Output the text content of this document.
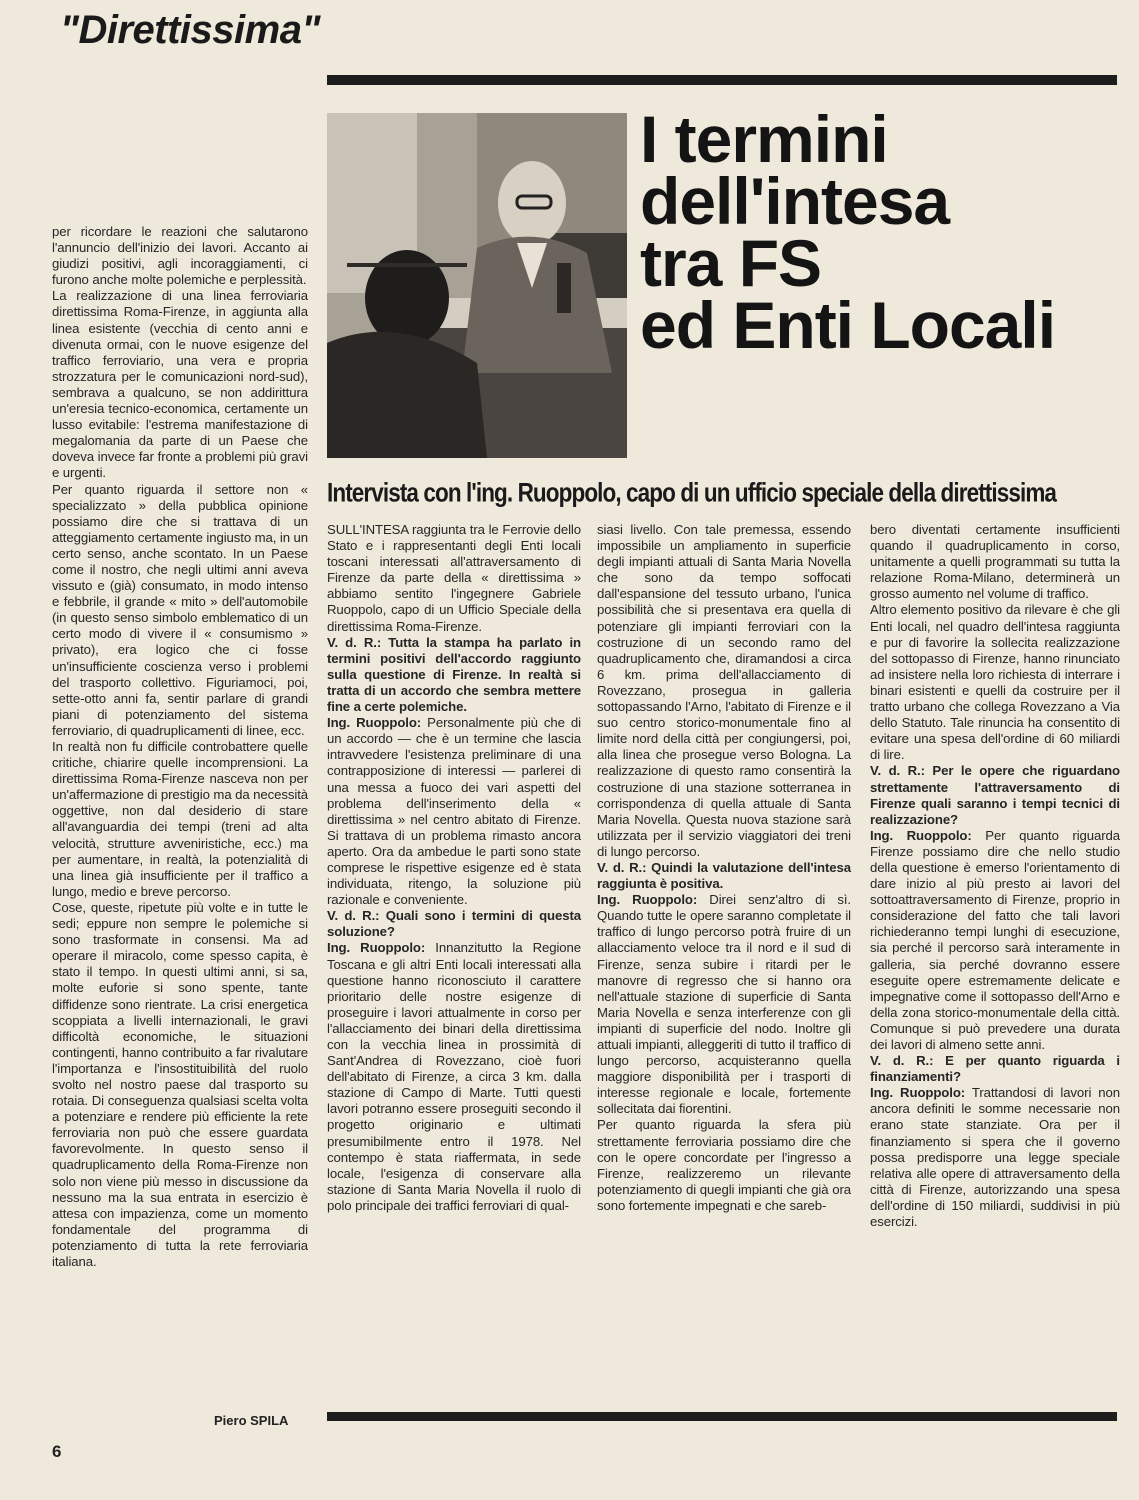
"Direttissima"
I termini
dell'intesa
tra FS
ed Enti Locali
Intervista con l'ing. Ruoppolo, capo di un ufficio speciale della direttissima

per ricordare le reazioni che salutarono l'annuncio dell'inizio dei lavori. Accanto ai giudizi positivi, agli incoraggiamenti, ci furono anche molte polemiche e perplessità.
La realizzazione di una linea ferroviaria direttissima Roma-Firenze, in aggiunta alla linea esistente (vecchia di cento anni e divenuta ormai, con le nuove esigenze del traffico ferroviario, una vera e propria strozzatura per le comunicazioni nord-sud), sembrava a qualcuno, se non addirittura un'eresia tecnico-economica, certamente un lusso evitabile: l'estrema manifestazione di megalomania da parte di un Paese che doveva invece far fronte a problemi più gravi e urgenti.
Per quanto riguarda il settore non « specializzato » della pubblica opinione possiamo dire che si trattava di un atteggiamento certamente ingiusto ma, in un certo senso, anche scontato. In un Paese come il nostro, che negli ultimi anni aveva vissuto e (già) consumato, in modo intenso e febbrile, il grande « mito » dell'automobile (in questo senso simbolo emblematico di un certo modo di vivere il « consumismo » privato), era logico che ci fosse un'insufficiente coscienza verso i problemi del trasporto collettivo. Figuriamoci, poi, sette-otto anni fa, sentir parlare di grandi piani di potenziamento del sistema ferroviario, di quadruplicamenti di linee, ecc.
In realtà non fu difficile controbattere quelle critiche, chiarire quelle incomprensioni. La direttissima Roma-Firenze nasceva non per un'affermazione di prestigio ma da necessità oggettive, non dal desiderio di stare all'avanguardia dei tempi (treni ad alta velocità, strutture avveniristiche, ecc.) ma per aumentare, in realtà, la potenzialità di una linea già insufficiente per il traffico a lungo, medio e breve percorso.
Cose, queste, ripetute più volte e in tutte le sedi; eppure non sempre le polemiche si sono trasformate in consensi. Ma ad operare il miracolo, come spesso capita, è stato il tempo. In questi ultimi anni, si sa, molte euforie si sono spente, tante diffidenze sono rientrate. La crisi energetica scoppiata a livelli internazionali, le gravi difficoltà economiche, le situazioni contingenti, hanno contribuito a far rivalutare l'importanza e l'insostituibilità del ruolo svolto nel nostro paese dal trasporto su rotaia. Di conseguenza qualsiasi scelta volta a potenziare e rendere più efficiente la rete ferroviaria non può che essere guardata favorevolmente. In questo senso il quadruplicamento della Roma-Firenze non solo non viene più messo in discussione da nessuno ma la sua entrata in esercizio è attesa con impazienza, come un momento fondamentale del programma di potenziamento di tutta la rete ferroviaria italiana.

SULL'INTESA raggiunta tra le Ferrovie dello Stato e i rappresentanti degli Enti locali toscani interessati all'attraversamento di Firenze da parte della « direttissima » abbiamo sentito l'ingegnere Gabriele Ruoppolo, capo di un Ufficio Speciale della direttissima Roma-Firenze.

V. d. R.: Tutta la stampa ha parlato in termini positivi dell'accordo raggiunto sulla questione di Firenze. In realtà si tratta di un accordo che sembra mettere fine a certe polemiche.

Ing. Ruoppolo: Personalmente più che di un accordo — che è un termine che lascia intravvedere l'esistenza preliminare di una contrapposizione di interessi — parlerei di una messa a fuoco dei vari aspetti del problema dell'inserimento della « direttissima » nel centro abitato di Firenze. Si trattava di un problema rimasto ancora aperto. Ora da ambedue le parti sono state comprese le rispettive esigenze ed è stata individuata, ritengo, la soluzione più razionale e conveniente.

V. d. R.: Quali sono i termini di questa soluzione?

Ing. Ruoppolo: Innanzitutto la Regione Toscana e gli altri Enti locali interessati alla questione hanno riconosciuto il carattere prioritario delle nostre esigenze di proseguire i lavori attualmente in corso per l'allacciamento dei binari della direttissima con la vecchia linea in prossimità di Sant'Andrea di Rovezzano, cioè fuori dell'abitato di Firenze, a circa 3 km. dalla stazione di Campo di Marte. Tutti questi lavori potranno essere proseguiti secondo il progetto originario e ultimati presumibilmente entro il 1978. Nel contempo è stata riaffermata, in sede locale, l'esigenza di conservare alla stazione di Santa Maria Novella il ruolo di polo principale dei traffici ferroviari di qual-

siasi livello. Con tale premessa, essendo impossibile un ampliamento in superficie degli impianti attuali di Santa Maria Novella che sono da tempo soffocati dall'espansione del tessuto urbano, l'unica possibilità che si presentava era quella di potenziare gli impianti ferroviari con la costruzione di un secondo ramo del quadruplicamento che, diramandosi a circa 6 km. prima dell'allacciamento di Rovezzano, prosegua in galleria sottopassando l'Arno, l'abitato di Firenze e il suo centro storico-monumentale fino al limite nord della città per congiungersi, poi, alla linea che prosegue verso Bologna. La realizzazione di questo ramo consentirà la costruzione di una stazione sotterranea in corrispondenza di quella attuale di Santa Maria Novella. Questa nuova stazione sarà utilizzata per il servizio viaggiatori dei treni di lungo percorso.

V. d. R.: Quindi la valutazione dell'intesa raggiunta è positiva.

Ing. Ruoppolo: Direi senz'altro di sì. Quando tutte le opere saranno completate il traffico di lungo percorso potrà fruire di un allacciamento veloce tra il nord e il sud di Firenze, senza subire i ritardi per le manovre di regresso che si hanno ora nell'attuale stazione di superficie di Santa Maria Novella e senza interferenze con gli impianti di superficie del nodo. Inoltre gli attuali impianti, alleggeriti di tutto il traffico di lungo percorso, acquisteranno quella maggiore disponibilità per i trasporti di interesse regionale e locale, fortemente sollecitata dai fiorentini.

Per quanto riguarda la sfera più strettamente ferroviaria possiamo dire che con le opere concordate per l'ingresso a Firenze, realizzeremo un rilevante potenziamento di quegli impianti che già ora sono fortemente impegnati e che sareb-

bero diventati certamente insufficienti quando il quadruplicamento in corso, unitamente a quelli programmati su tutta la relazione Roma-Milano, determinerà un grosso aumento nel volume di traffico.

Altro elemento positivo da rilevare è che gli Enti locali, nel quadro dell'intesa raggiunta e pur di favorire la sollecita realizzazione del sottopasso di Firenze, hanno rinunciato ad insistere nella loro richiesta di interrare i binari esistenti e quelli da costruire per il tratto urbano che collega Rovezzano a Via dello Statuto. Tale rinuncia ha consentito di evitare una spesa dell'ordine di 60 miliardi di lire.

V. d. R.: Per le opere che riguardano strettamente l'attraversamento di Firenze quali saranno i tempi tecnici di realizzazione?

Ing. Ruoppolo: Per quanto riguarda Firenze possiamo dire che nello studio della questione è emerso l'orientamento di dare inizio al più presto ai lavori del sottoattraversamento di Firenze, proprio in considerazione del fatto che tali lavori richiederanno tempi lunghi di esecuzione, sia perché il percorso sarà interamente in galleria, sia perché dovranno essere eseguite opere estremamente delicate e impegnative come il sottopasso dell'Arno e della zona storico-monumentale della città. Comunque si può prevedere una durata dei lavori di almeno sette anni.

V. d. R.: E per quanto riguarda i finanziamenti?

Ing. Ruoppolo: Trattandosi di lavori non ancora definiti le somme necessarie non erano state stanziate. Ora per il finanziamento si spera che il governo possa predisporre una legge speciale relativa alle opere di attraversamento della città di Firenze, autorizzando una spesa dell'ordine di 150 miliardi, suddivisi in più esercizi.

Piero SPILA
6
